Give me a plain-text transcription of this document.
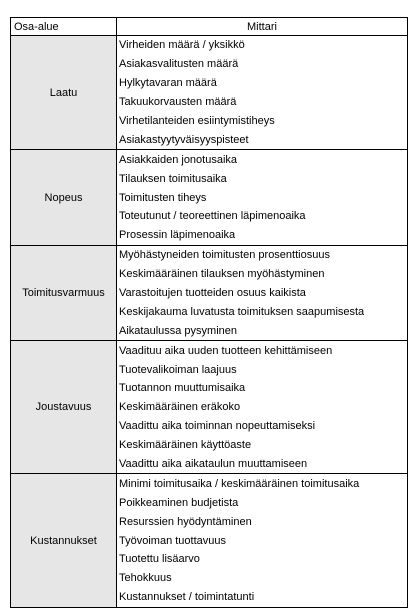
Osa-alue	Mittari
Laatu	Virheiden määrä / yksikkö
	Asiakasvalitusten määrä
	Hylkytavaran määrä
	Takuukorvausten määrä
	Virhetilanteiden esiintymistiheys
	Asiakastyytyväisyyspisteet
Nopeus	Asiakkaiden jonotusaika
	Tilauksen toimitusaika
	Toimitusten tiheys
	Toteutunut / teoreettinen läpimenoaika
	Prosessin läpimenoaika
Toimitusvarmuus	Myöhästyneiden toimitusten prosenttiosuus
	Keskimääräinen tilauksen myöhästyminen
	Varastoitujen tuotteiden osuus kaikista
	Keskijakauma luvatusta toimituksen saapumisesta
	Aikataulussa pysyminen
Joustavuus	Vaadituu aika uuden tuotteen kehittämiseen
	Tuotevalikoiman laajuus
	Tuotannon muuttumisaika
	Keskimääräinen eräkoko
	Vaadittu aika toiminnan nopeuttamiseksi
	Keskimääräinen käyttöaste
	Vaadittu aika aikataulun muuttamiseen
Kustannukset	Minimi toimitusaika / keskimääräinen toimitusaika
	Poikkeaminen budjetista
	Resurssien hyödyntäminen
	Työvoiman tuottavuus
	Tuotettu lisäarvo
	Tehokkuus
	Kustannukset / toimintatunti
